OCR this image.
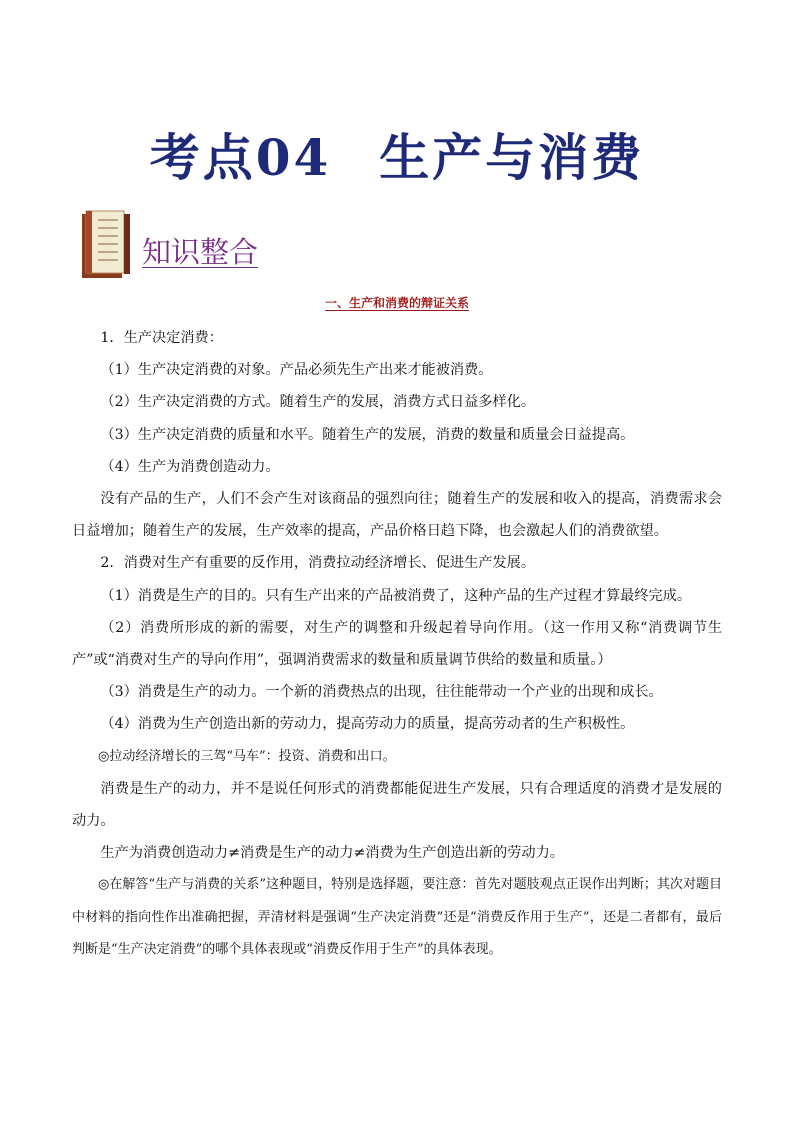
考点04 生产与消费
知识整合
一、生产和消费的辩证关系

1．生产决定消费：

（1）生产决定消费的对象。产品必须先生产出来才能被消费。

（2）生产决定消费的方式。随着生产的发展，消费方式日益多样化。

（3）生产决定消费的质量和水平。随着生产的发展，消费的数量和质量会日益提高。

（4）生产为消费创造动力。

没有产品的生产，人们不会产生对该商品的强烈向往；随着生产的发展和收入的提高，消费需求会日益增加；随着生产的发展，生产效率的提高，产品价格日趋下降，也会激起人们的消费欲望。

2．消费对生产有重要的反作用，消费拉动经济增长、促进生产发展。

（1）消费是生产的目的。只有生产出来的产品被消费了，这种产品的生产过程才算最终完成。

（2）消费所形成的新的需要，对生产的调整和升级起着导向作用。（这一作用又称“消费调节生产”或“消费对生产的导向作用”，强调消费需求的数量和质量调节供给的数量和质量。）

（3）消费是生产的动力。一个新的消费热点的出现，往往能带动一个产业的出现和成长。

（4）消费为生产创造出新的劳动力，提高劳动力的质量，提高劳动者的生产积极性。

◎拉动经济增长的三驾“马车”：投资、消费和出口。

消费是生产的动力，并不是说任何形式的消费都能促进生产发展，只有合理适度的消费才是发展的动力。

生产为消费创造动力≠消费是生产的动力≠消费为生产创造出新的劳动力。

◎在解答“生产与消费的关系”这种题目，特别是选择题，要注意：首先对题肢观点正误作出判断；其次对题目中材料的指向性作出准确把握，弄清材料是强调“生产决定消费”还是“消费反作用于生产”，还是二者都有，最后判断是“生产决定消费”的哪个具体表现或“消费反作用于生产”的具体表现。
